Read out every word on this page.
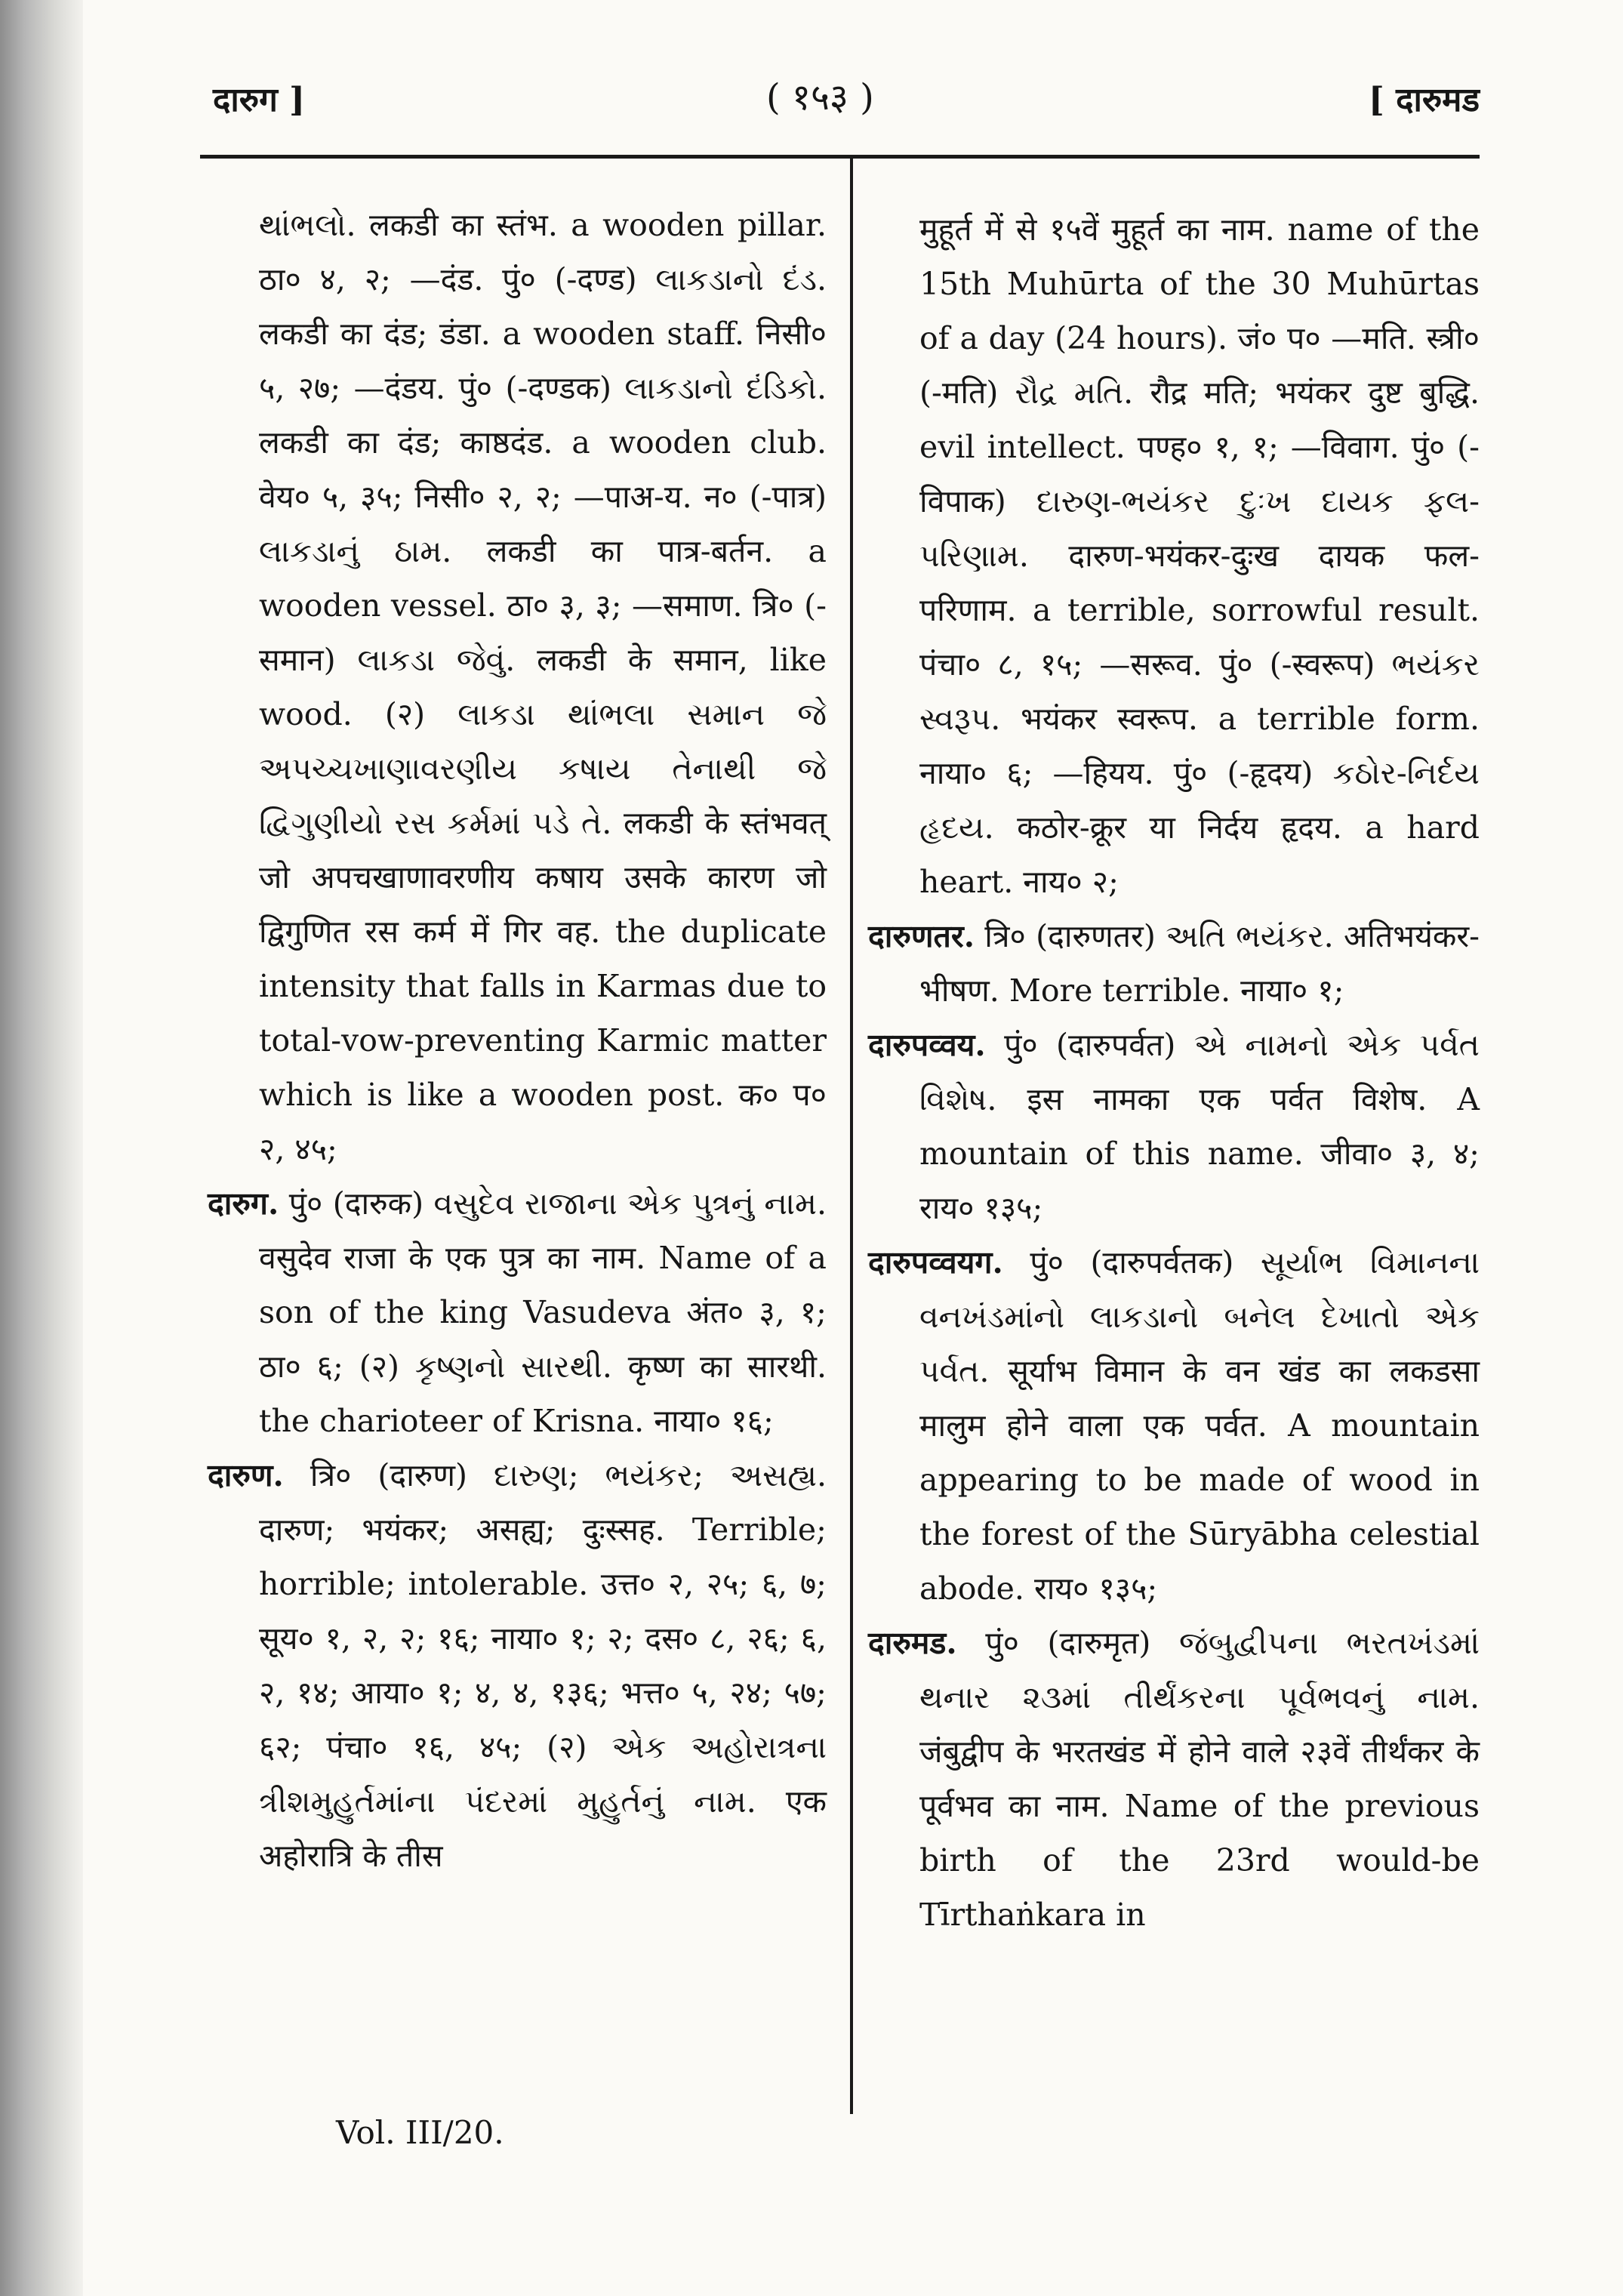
दारुग ]	( १५३ )	[ दारुमड

થાંભલો. लकडी का स्तंभ. a wooden pillar. ठा० ४, २; —दंड. पुं० (-दण्ड) લાકડાનો દંડ. लकडी का दंड; डंडा. a wooden staff. निसी० ५, २७; —दंडय. पुं० (-दण्डक) લાકડાનો દંડિકો. लकडी का दंड; काष्ठदंड. a wooden club. वेय० ५, ३५; निसी० २, २; —पाअ-य. न० (-पात्र) લાકડાનું ઠામ. लकडी का पात्र-बर्तन. a wooden vessel. ठा० ३, ३; —समाण. त्रि० (-समान) લાકડા જેવું. लकडी के समान, like wood. (२) લાકડા થાંભલા સમાન જે અપચ્ચખાણાવરણીય કષાય તેનાથી જે દ્વિગુણીયો રસ કર્મમાં પડે તે. लकडी के स्तंभवत् जो अपचखाणावरणीय कषाय उसके कारण जो द्विगुणित रस कर्म में गिर वह. the duplicate intensity that falls in Karmas due to total-vow-preventing Karmic matter which is like a wooden post. क० प० २, ४५;

दारुग. पुं० (दारुक) વસુદેવ રાજાના એક પુત્રનું નામ. वसुदेव राजा के एक पुत्र का नाम. Name of a son of the king Vasudeva अंत० ३, १; ठा० ६; (२) કૃષ્ણનો સારથી. कृष्ण का सारथी. the charioteer of Krisna. नाया० १६;

दारुण. त्रि० (दारुण) દારુણ; ભયંકર; અસહ્ય. दारुण; भयंकर; असह्य; दुःस्सह. Terrible; horrible; intolerable. उत्त० २, २५; ६, ७; सूय० १, २, २; १६; नाया० १; २; दस० ८, २६; ६, २, १४; आया० १; ४, ४, १३६; भत्त० ५, २४; ५७; ६२; पंचा० १६, ४५; (२) એક અહોરાત્રના ત્રીશમુહુર્તમાંના પંદરમાં મુહુર્તનું નામ. एक अहोरात्रि के तीस

मुहूर्त में से १५वें मुहूर्त का नाम. name of the 15th Muhūrta of the 30 Muhūrtas of a day (24 hours). जं० प० —मति. स्त्री० (-मति) રૌદ્ર મતિ. रौद्र मति; भयंकर दुष्ट बुद्धि. evil intellect. पण्ह० १, १; —विवाग. पुं० (-विपाक) દારુણ-ભયંકર દુઃખ દાયક ફલ-પરિણામ. दारुण-भयंकर-दुःख दायक फल-परिणाम. a terrible, sorrowful result. पंचा० ८, १५; —सरूव. पुं० (-स्वरूप) ભયંકર સ્વરૂપ. भयंकर स्वरूप. a terrible form. नाया० ६; —हियय. पुं० (-हृदय) કઠોર-નિર્દય હૃદય. कठोर-क्रूर या निर्दय हृदय. a hard heart. नाय० २;

दारुणतर. त्रि० (दारुणतर) અતિ ભયંકર. अतिभयंकर-भीषण. More terrible. नाया० १;

दारुपव्वय. पुं० (दारुपर्वत) એ નામનો એક પર્વત વિશેષ. इस नामका एक पर्वत विशेष. A mountain of this name. जीवा० ३, ४; राय० १३५;

दारुपव्वयग. पुं० (दारुपर्वतक) સૂર્યાભ વિમાનના વનખંડમાંનો લાકડાનો બનેલ દેખાતો એક પર્વત. सूर्याभ विमान के वन खंड का लकडसा मालुम होने वाला एक पर्वत. A mountain appearing to be made of wood in the forest of the Sūryābha celestial abode. राय० १३५;

दारुमड. पुं० (दारुमृत) જંબુદ્વીપના ભરતખંડમાં થનાર ૨૩માં તીર્થંકરના પૂર્વભવનું નામ. जंबुद्वीप के भरतखंड में होने वाले २३वें तीर्थंकर के पूर्वभव का नाम. Name of the previous birth of the 23rd would-be Tīrthaṅkara in

Vol. III/20.
